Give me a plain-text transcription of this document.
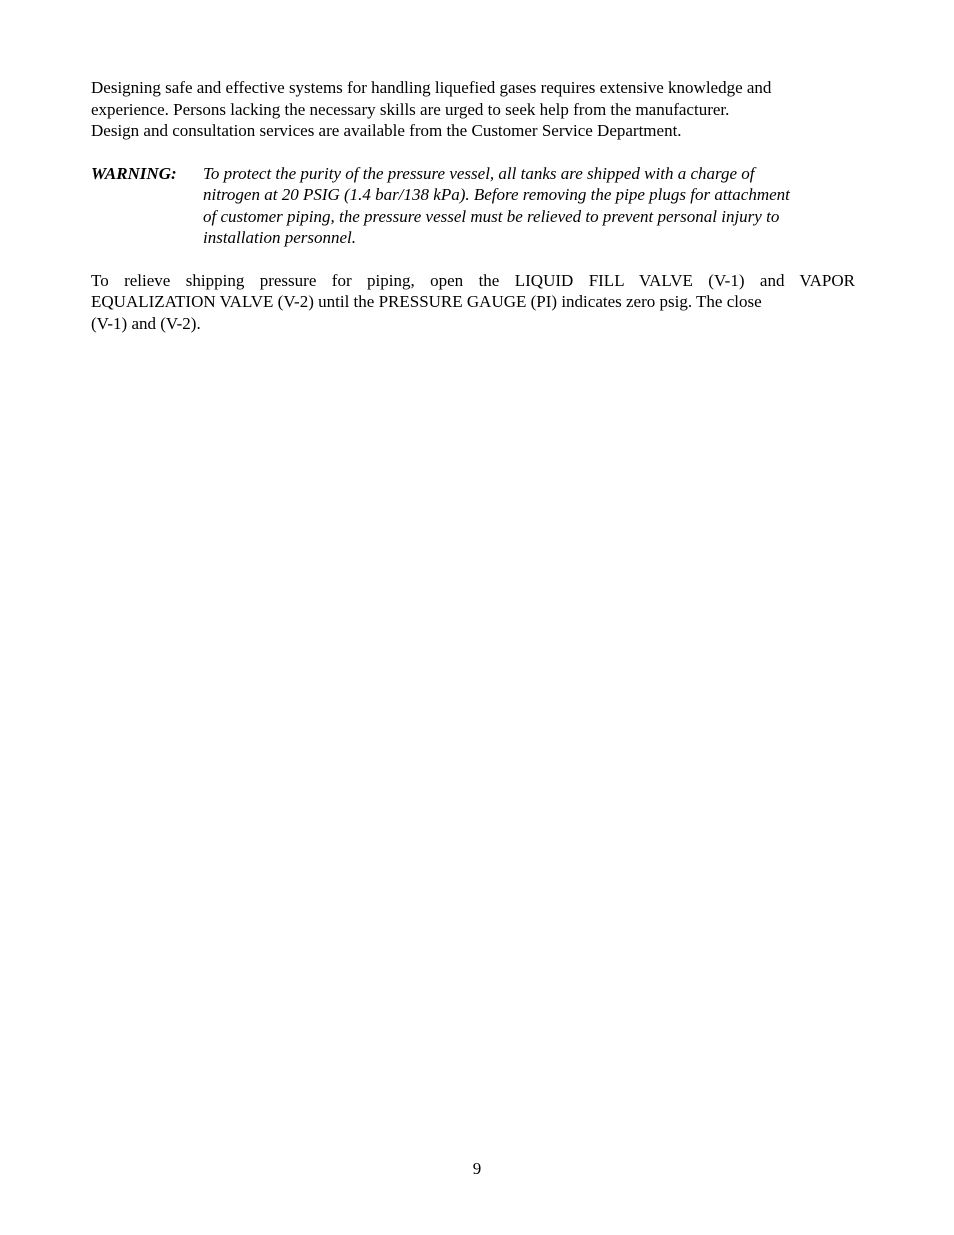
Designing safe and effective systems for handling liquefied gases requires extensive knowledge and
experience. Persons lacking the necessary skills are urged to seek help from the manufacturer.
Design and consultation services are available from the Customer Service Department.
WARNING: To protect the purity of the pressure vessel, all tanks are shipped with a charge of
nitrogen at 20 PSIG (1.4 bar/138 kPa). Before removing the pipe plugs for attachment
of customer piping, the pressure vessel must be relieved to prevent personal injury to
installation personnel.
To relieve shipping pressure for piping, open the LIQUID FILL VALVE (V-1) and VAPOR
EQUALIZATION VALVE (V-2) until the PRESSURE GAUGE (PI) indicates zero psig. The close
(V-1) and (V-2).
9
